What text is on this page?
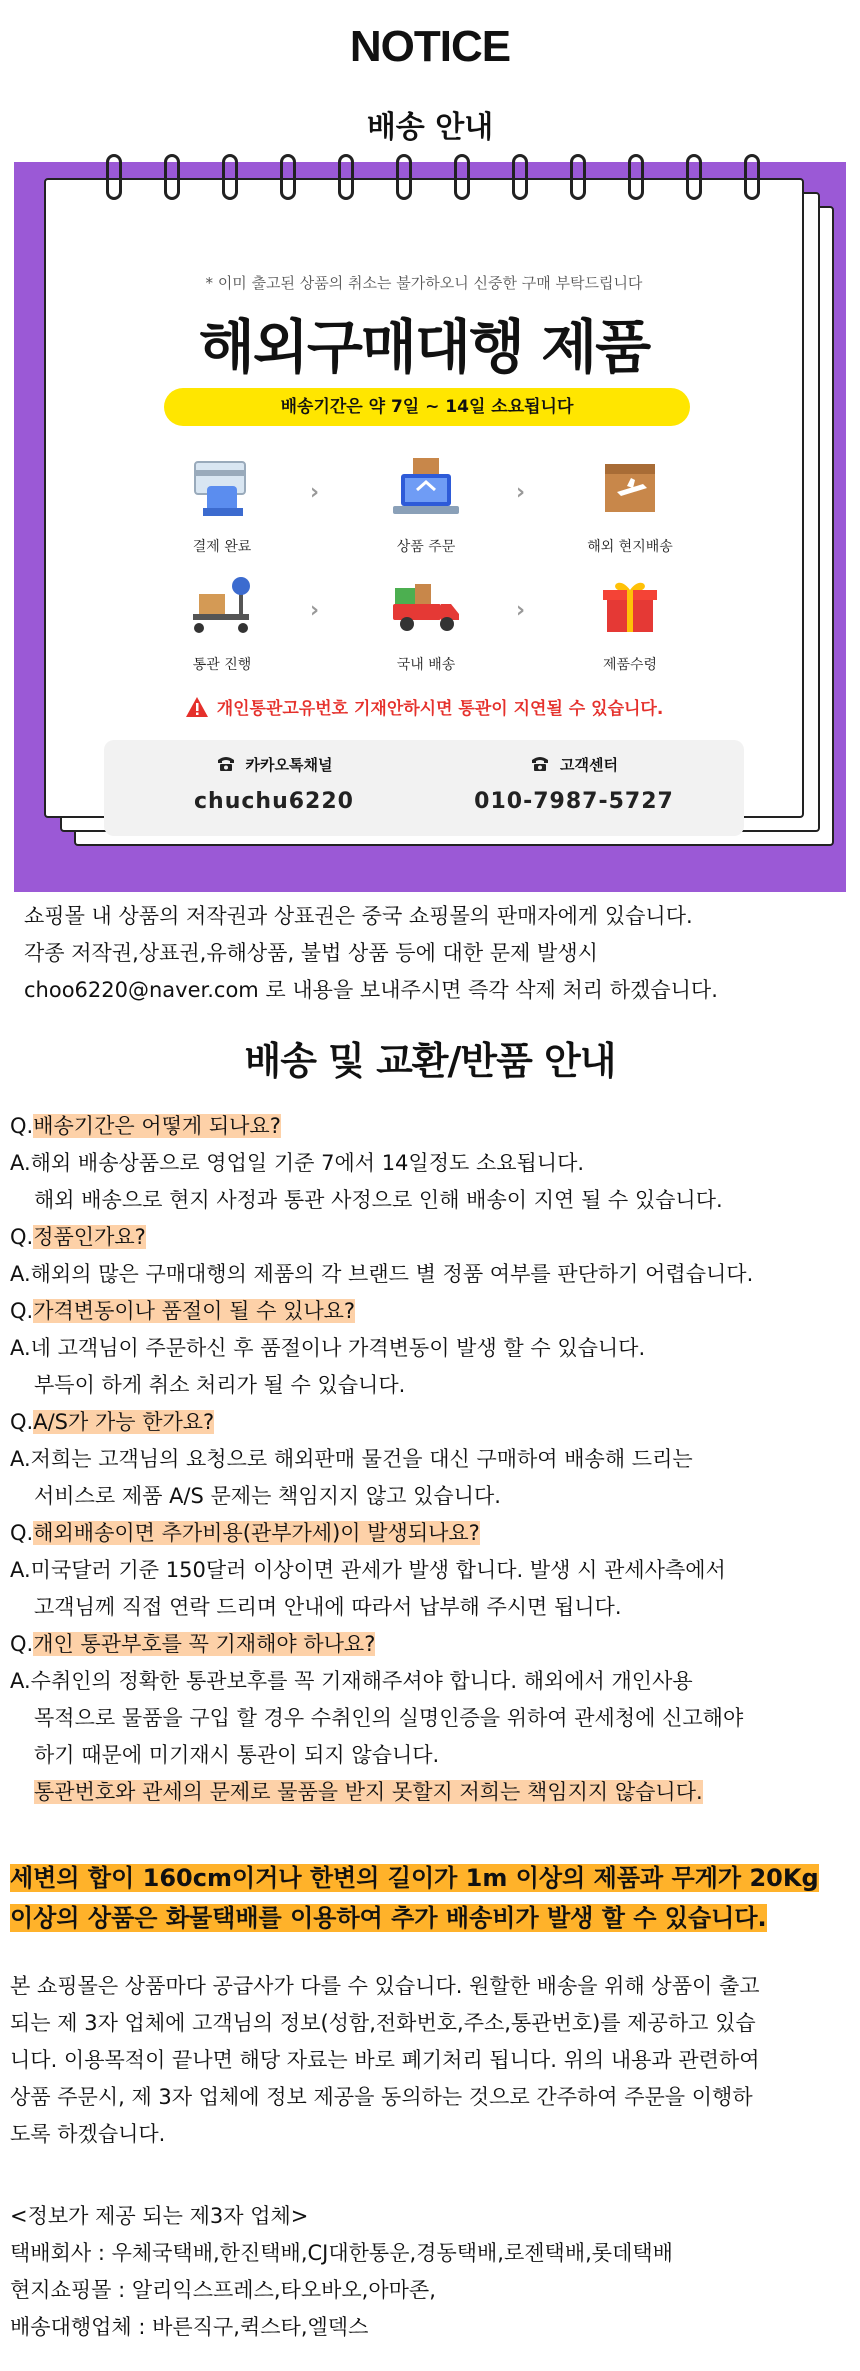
NOTICE
배송 안내
* 이미 출고된 상품의 취소는 불가하오니 신중한 구매 부탁드립니다
해외구매대행 제품
배송기간은 약 7일 ~ 14일 소요됩니다
결제 완료
›
상품 주문
›
해외 현지배송
통관 진행
›
국내 배송
›
제품수령
개인통관고유번호 기재안하시면 통관이 지연될 수 있습니다.
카카오톡채널
chuchu6220
고객센터
010-7987-5727

쇼핑몰 내 상품의 저작권과 상표권은 중국 쇼핑몰의 판매자에게 있습니다.

각종 저작권,상표권,유해상품, 불법 상품 등에 대한 문제 발생시

choo6220@naver.com 로 내용을 보내주시면 즉각 삭제 처리 하겠습니다.

배송 및 교환/반품 안내

Q.배송기간은 어떻게 되나요?

A.해외 배송상품으로 영업일 기준 7에서 14일정도 소요됩니다.

해외 배송으로 현지 사정과 통관 사정으로 인해 배송이 지연 될 수 있습니다.

Q.정품인가요?

A.해외의 많은 구매대행의 제품의 각 브랜드 별 정품 여부를 판단하기 어렵습니다.

Q.가격변동이나 품절이 될 수 있나요?

A.네 고객님이 주문하신 후 품절이나 가격변동이 발생 할 수 있습니다.

부득이 하게 취소 처리가 될 수 있습니다.

Q.A/S가 가능 한가요?

A.저희는 고객님의 요청으로 해외판매 물건을 대신 구매하여 배송해 드리는

서비스로 제품 A/S 문제는 책임지지 않고 있습니다.

Q.해외배송이면 추가비용(관부가세)이 발생되나요?

A.미국달러 기준 150달러 이상이면 관세가 발생 합니다. 발생 시 관세사측에서

고객님께 직접 연락 드리며 안내에 따라서 납부해 주시면 됩니다.

Q.개인 통관부호를 꼭 기재해야 하나요?

A.수취인의 정확한 통관보후를 꼭 기재해주셔야 합니다. 해외에서 개인사용

목적으로 물품을 구입 할 경우 수취인의 실명인증을 위하여 관세청에 신고해야

하기 때문에 미기재시 통관이 되지 않습니다.

통관번호와 관세의 문제로 물품을 받지 못할지 저희는 책임지지 않습니다.

세변의 합이 160cm이거나 한변의 길이가 1m 이상의 제품과 무게가 20Kg

이상의 상품은 화물택배를 이용하여 추가 배송비가 발생 할 수 있습니다.

본 쇼핑몰은 상품마다 공급사가 다를 수 있습니다. 원할한 배송을 위해 상품이 출고

되는 제 3자 업체에 고객님의 정보(성함,전화번호,주소,통관번호)를 제공하고 있습

니다. 이용목적이 끝나면 해당 자료는 바로 폐기처리 됩니다. 위의 내용과 관련하여

상품 주문시, 제 3자 업체에 정보 제공을 동의하는 것으로 간주하여 주문을 이행하

도록 하겠습니다.

<정보가 제공 되는 제3자 업체>

택배회사 : 우체국택배,한진택배,CJ대한통운,경동택배,로젠택배,롯데택배

현지쇼핑몰 : 알리익스프레스,타오바오,아마존,

배송대행업체 : 바른직구,퀵스타,엘덱스
